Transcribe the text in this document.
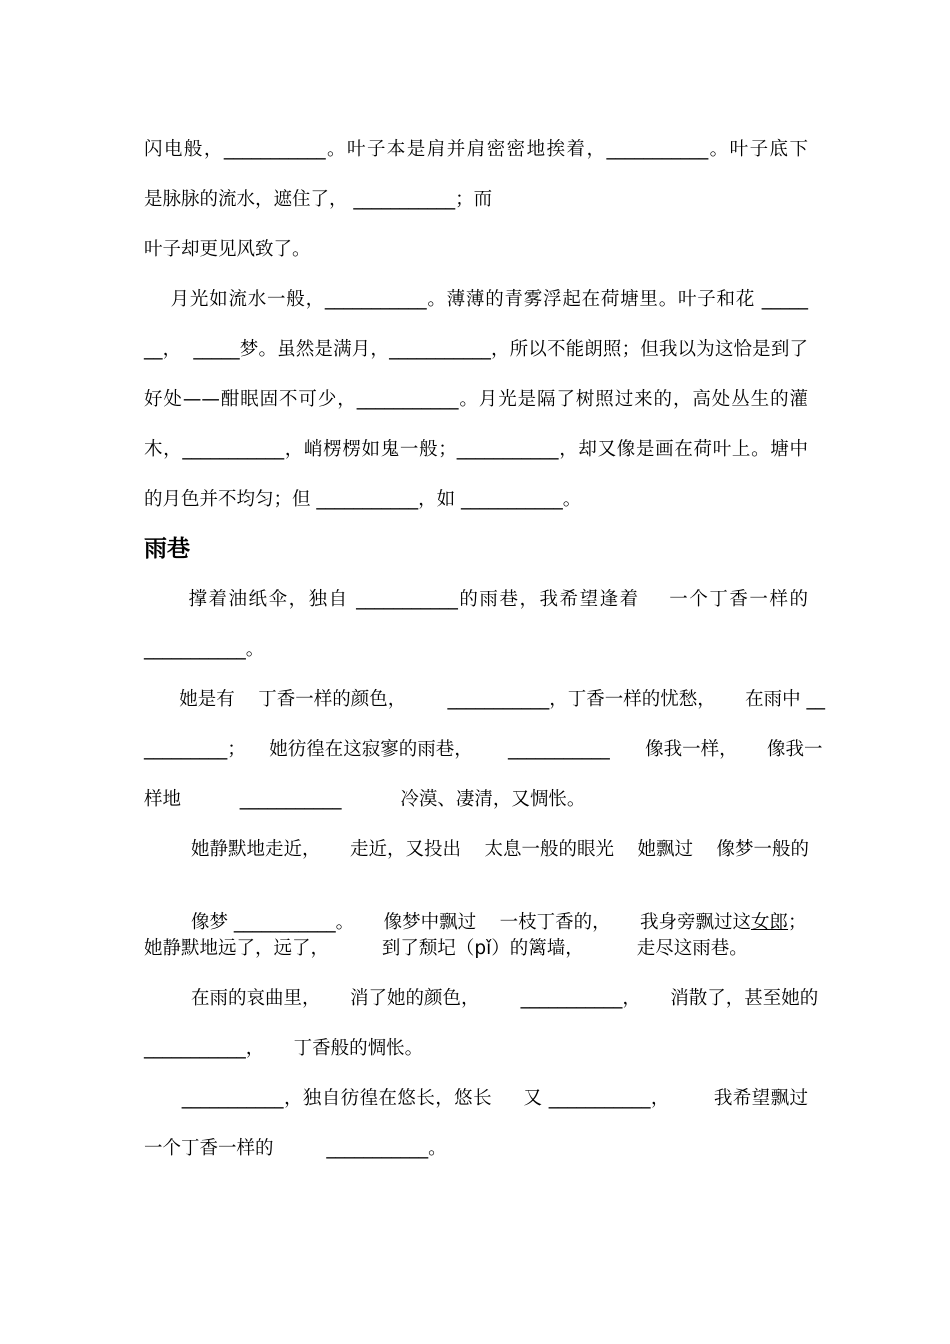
闪电般，___________。叶子本是肩并肩密密地挨着，___________。叶子底下
是脉脉的流水，遮住了， ___________；而
叶子却更见风致了。
月光如流水一般，___________。薄薄的青雾浮起在荷塘里。叶子和花 _____
__，  _____梦。虽然是满月，___________，所以不能朗照；但我以为这恰是到了
好处——酣眠固不可少，___________。月光是隔了树照过来的，高处丛生的灌
木，___________，峭楞楞如鬼一般；___________，却又像是画在荷叶上。塘中
的月色并不均匀；但 ___________，如 ___________。
雨巷
撑着油纸伞，独自 ___________的雨巷，我希望逢着    一个丁香一样的
___________。
她是有    丁香一样的颜色，       ___________，丁香一样的忧愁，     在雨中 __
_________；    她彷徨在这寂寥的雨巷，      ___________      像我一样，     像我一
样地          ___________          冷漠、凄清，又惆怅。
她静默地走近，     走近，又投出    太息一般的眼光    她飘过    像梦一般的

像梦 ___________。     像梦中飘过    一枝丁香的，     我身旁飘过这女郎；

她静默地远了，远了，         到了颓圮（pǐ）的篱墙，         走尽这雨巷。
在雨的哀曲里，     消了她的颜色，       ___________，     消散了，甚至她的
___________，     丁香般的惆怅。
___________，独自彷徨在悠长，悠长     又 ___________，       我希望飘过
一个丁香一样的         ___________。
